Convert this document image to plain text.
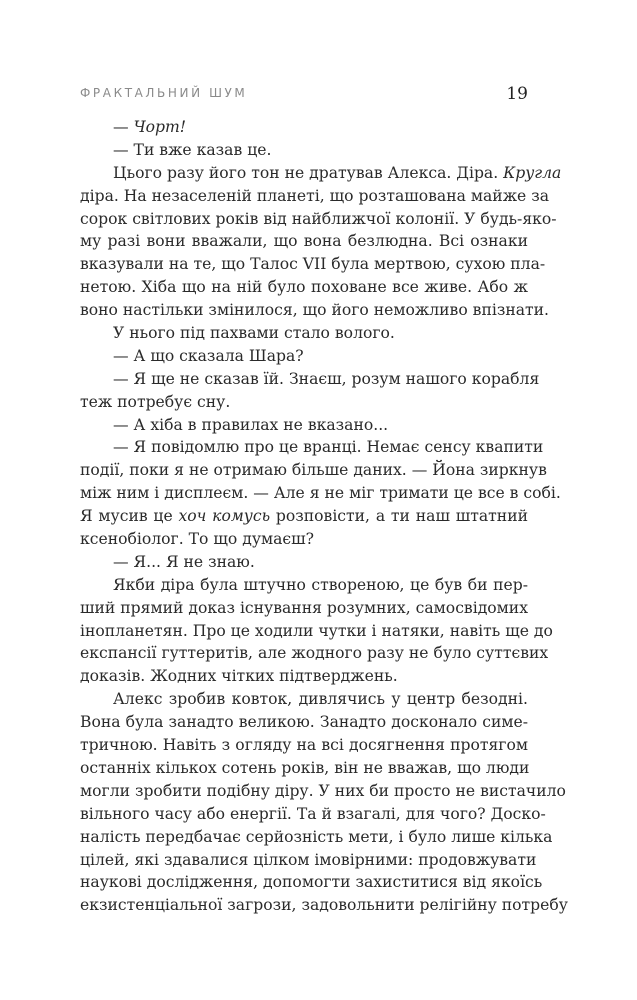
ФРАКТАЛЬНИЙ ШУМ	19
— Чорт!
— Ти вже казав це.
Цього разу його тон не дратував Алекса. Діра. Кругла
діра. На незаселеній планеті, що розташована майже за
сорок світлових років від найближчої колонії. У будь-яко-
му разі вони вважали, що вона безлюдна. Всі ознаки
вказували на те, що Талос VII була мертвою, сухою пла-
нетою. Хіба що на ній було поховане все живе. Або ж
воно настільки змінилося, що його неможливо впізнати.
У нього під пахвами стало волого.
— А що сказала Шара?
— Я ще не сказав їй. Знаєш, розум нашого корабля
теж потребує сну.
— А хіба в правилах не вказано...
— Я повідомлю про це вранці. Немає сенсу квапити
події, поки я не отримаю більше даних. — Йона зиркнув
між ним і дисплеєм. — Але я не міг тримати це все в собі.
Я мусив це хоч комусь розповісти, а ти наш штатний
ксенобіолог. То що думаєш?
— Я... Я не знаю.
Якби діра була штучно створеною, це був би пер-
ший прямий доказ існування розумних, самосвідомих
інопланетян. Про це ходили чутки і натяки, навіть ще до
експансії гуттеритів, але жодного разу не було суттєвих
доказів. Жодних чітких підтверджень.
Алекс зробив ковток, дивлячись у центр безодні.
Вона була занадто великою. Занадто досконало симе-
тричною. Навіть з огляду на всі досягнення протягом
останніх кількох сотень років, він не вважав, що люди
могли зробити подібну діру. У них би просто не вистачило
вільного часу або енергії. Та й взагалі, для чого? Доско-
налість передбачає серйозність мети, і було лише кілька
цілей, які здавалися цілком імовірними: продовжувати
наукові дослідження, допомогти захиститися від якоїсь
екзистенціальної загрози, задовольнити релігійну потребу
